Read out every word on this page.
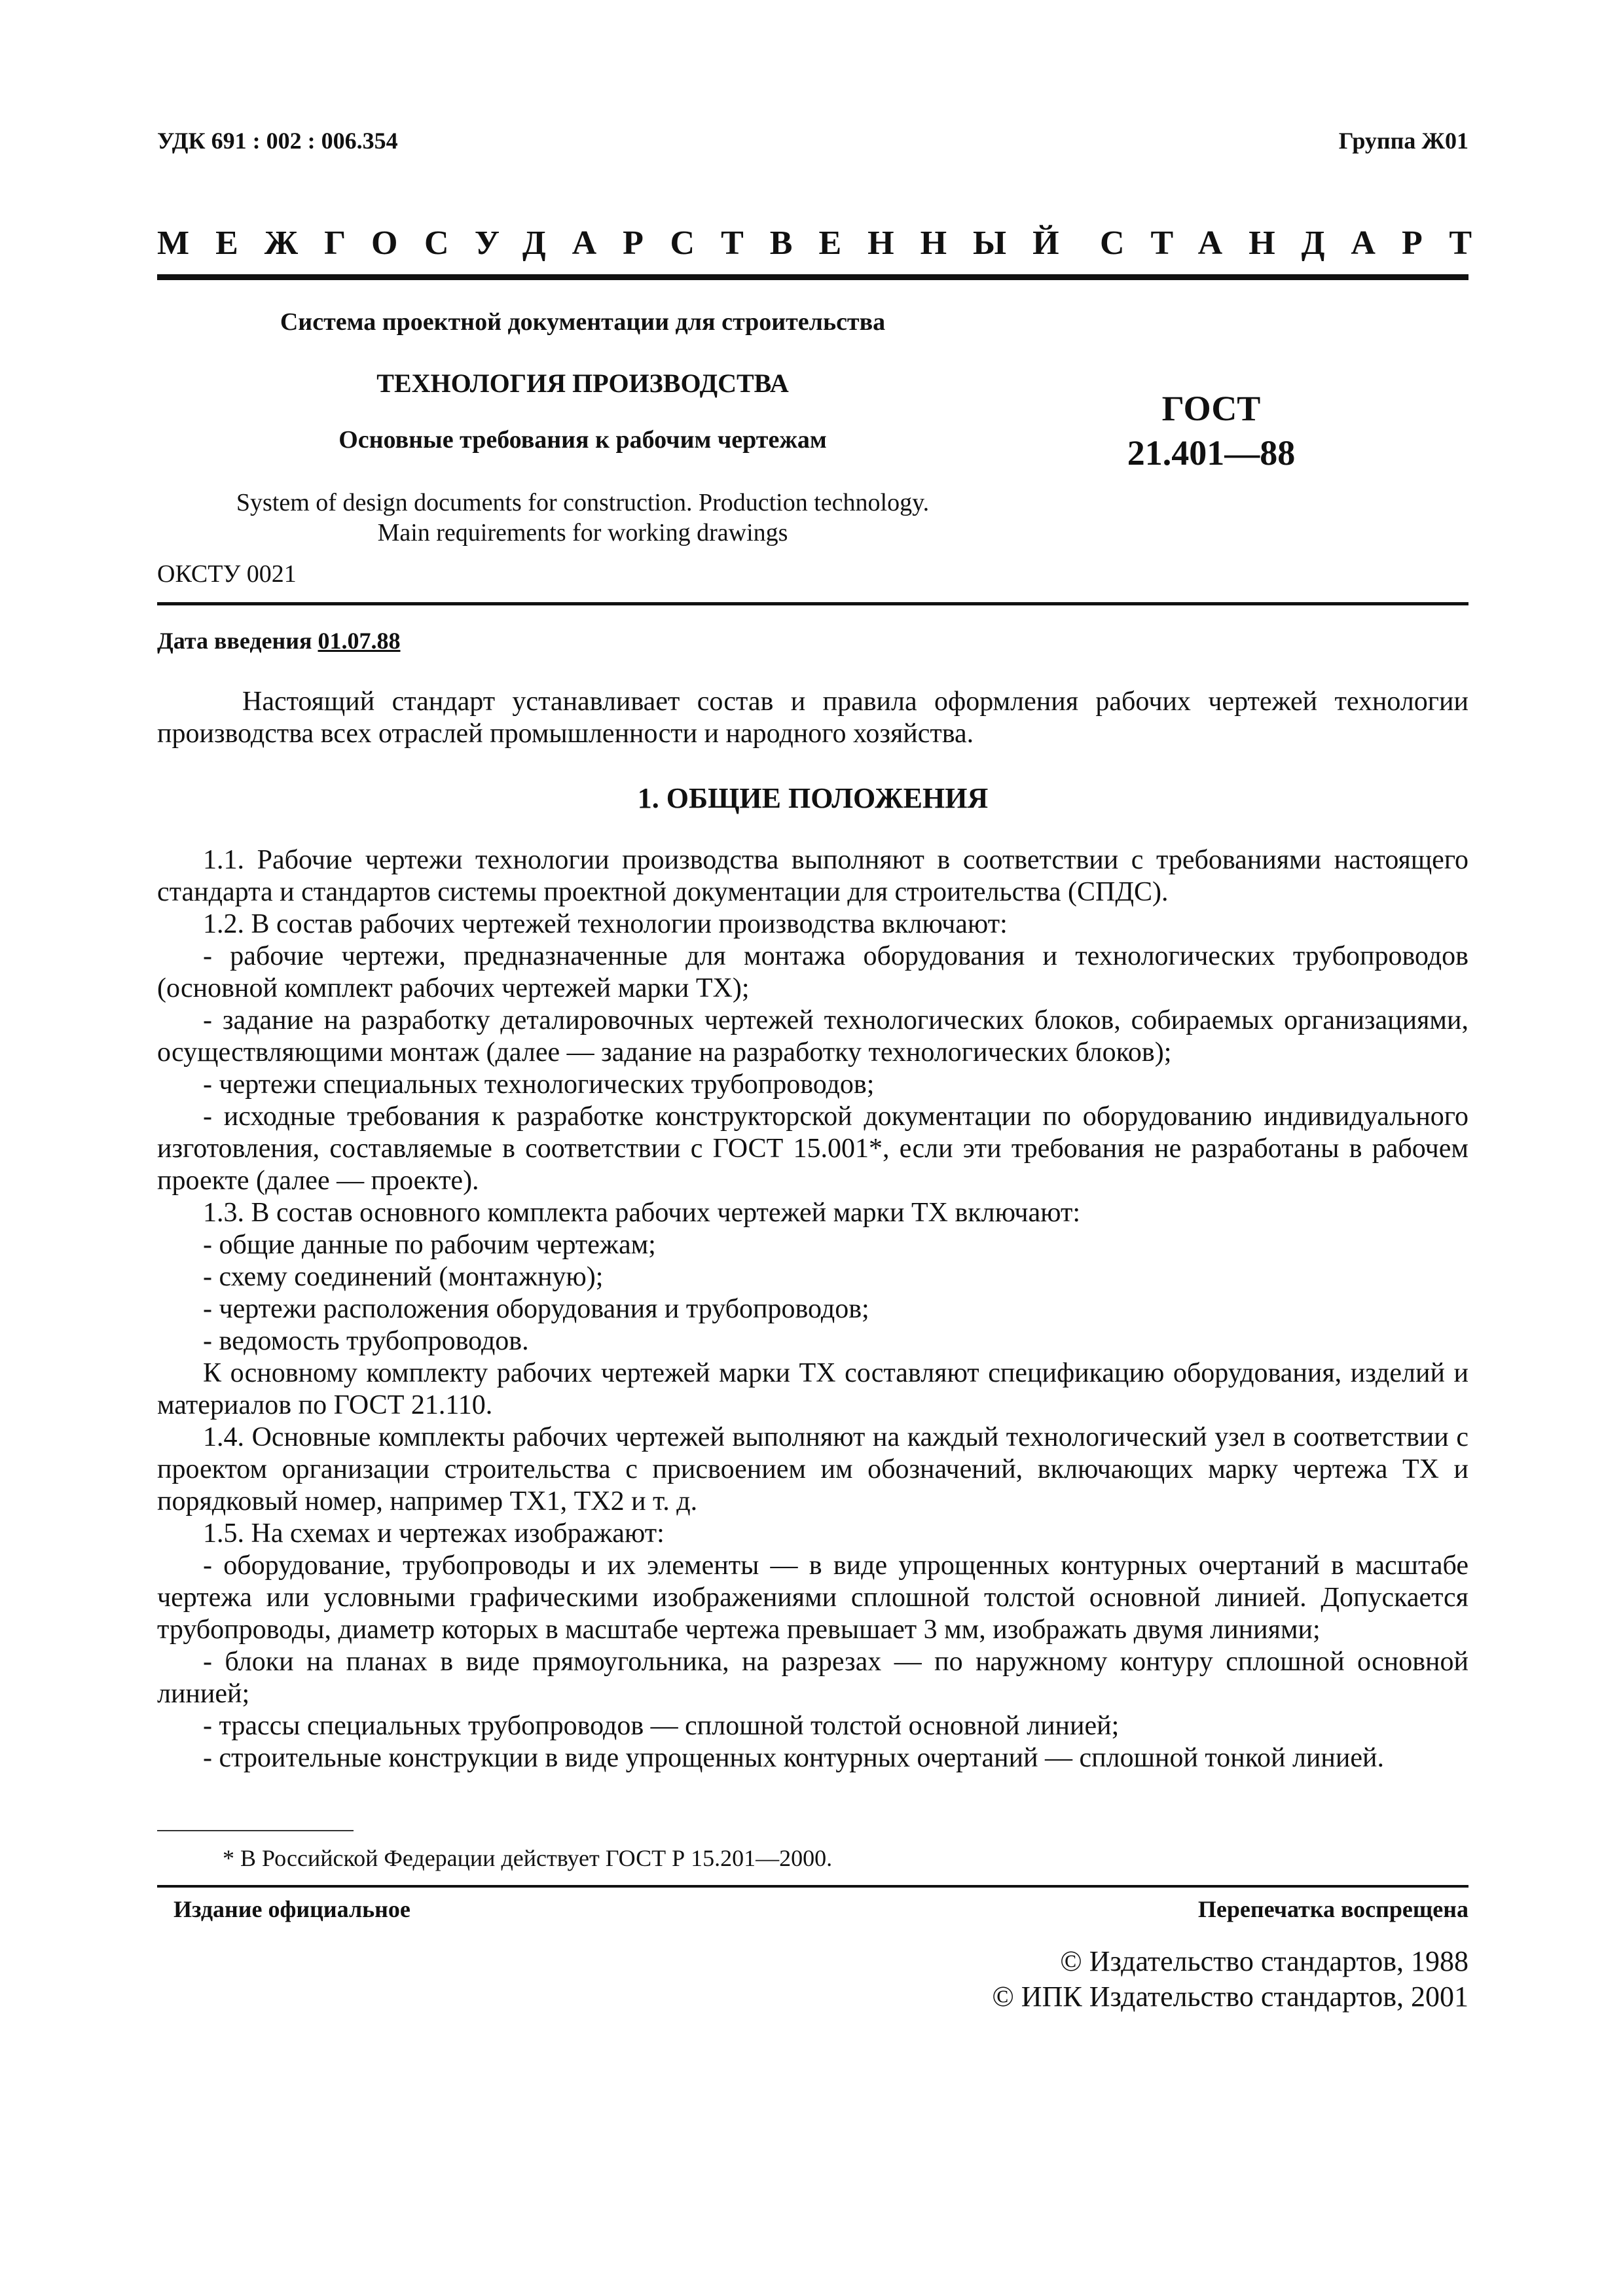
УДК 691 : 002 : 006.354	Группа Ж01
МЕЖГОСУДАРСТВЕННЫЙ СТАНДАРТ
Система проектной документации для строительства
ТЕХНОЛОГИЯ ПРОИЗВОДСТВА
Основные требования к рабочим чертежам
ГОСТ
21.401—88
System of design documents for construction. Production technology.
Main requirements for working drawings
ОКСТУ 0021
Дата введения 01.07.88
Настоящий стандарт устанавливает состав и правила оформления рабочих чертежей технологии производства всех отраслей промышленности и народного хозяйства.
1. ОБЩИЕ ПОЛОЖЕНИЯ

1.1. Рабочие чертежи технологии производства выполняют в соответствии с требованиями настоящего стандарта и стандартов системы проектной документации для строительства (СПДС).

1.2. В состав рабочих чертежей технологии производства включают:

- рабочие чертежи, предназначенные для монтажа оборудования и технологических трубопроводов (основной комплект рабочих чертежей марки ТХ);

- задание на разработку деталировочных чертежей технологических блоков, собираемых организациями, осуществляющими монтаж (далее — задание на разработку технологических блоков);

- чертежи специальных технологических трубопроводов;

- исходные требования к разработке конструкторской документации по оборудованию индивидуального изготовления, составляемые в соответствии с ГОСТ 15.001*, если эти требования не разработаны в рабочем проекте (далее — проекте).

1.3. В состав основного комплекта рабочих чертежей марки ТХ включают:

- общие данные по рабочим чертежам;

- схему соединений (монтажную);

- чертежи расположения оборудования и трубопроводов;

- ведомость трубопроводов.

К основному комплекту рабочих чертежей марки ТХ составляют спецификацию оборудования, изделий и материалов по ГОСТ 21.110.

1.4. Основные комплекты рабочих чертежей выполняют на каждый технологический узел в соответствии с проектом организации строительства с присвоением им обозначений, включающих марку чертежа ТХ и порядковый номер, например ТХ1, ТХ2 и т. д.

1.5. На схемах и чертежах изображают:

- оборудование, трубопроводы и их элементы — в виде упрощенных контурных очертаний в масштабе чертежа или условными графическими изображениями сплошной толстой основной линией. Допускается трубопроводы, диаметр которых в масштабе чертежа превышает 3 мм, изображать двумя линиями;

- блоки на планах в виде прямоугольника, на разрезах — по наружному контуру сплошной основной линией;

- трассы специальных трубопроводов — сплошной толстой основной линией;

- строительные конструкции в виде упрощенных контурных очертаний — сплошной тонкой линией.

* В Российской Федерации действует ГОСТ Р 15.201—2000.
Издание официальное	Перепечатка воспрещена
© Издательство стандартов, 1988
© ИПК Издательство стандартов, 2001
